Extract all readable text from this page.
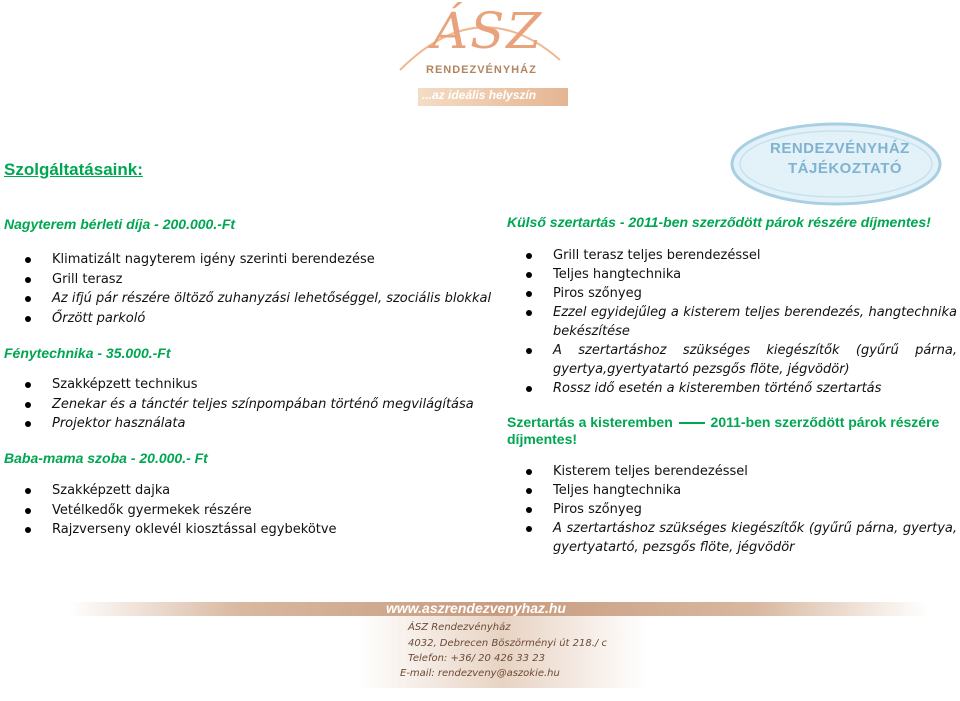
ÁSZ
RENDEZVÉNYHÁZ
...az ideális helyszín
RENDEZVÉNYHÁZ
TÁJÉKOZTATÓ
Szolgáltatásaink:
Nagyterem bérleti díja - 200.000.-Ft
Klimatizált nagyterem igény szerinti berendezése
Grill terasz
Az ifjú pár részére öltöző zuhanyzási lehetőséggel, szociális blokkal
Őrzött parkoló
Fénytechnika - 35.000.-Ft
Szakképzett technikus
Zenekar és a tánctér teljes színpompában történő megvilágítása
Projektor használata
Baba-mama szoba - 20.000.- Ft
Szakképzett dajka
Vetélkedők gyermekek részére
Rajzverseny oklevél kiosztással egybekötve
Külső szertartás - 2011-ben szerződött párok részére díjmentes!
Grill terasz teljes berendezéssel
Teljes hangtechnika
Piros szőnyeg
Ezzel egyidejűleg a kisterem teljes berendezés, hangtechnika
bekészítése
A szertartáshoz szükséges kiegészítők (gyűrű párna,
gyertya,gyertyatartó pezsgős flöte, jégvödör)
Rossz idő esetén a kisteremben történő szertartás
Szertartás a kisteremben	2011-ben szerződött párok részére
díjmentes!
Kisterem teljes berendezéssel
Teljes hangtechnika
Piros szőnyeg
A szertartáshoz szükséges kiegészítők (gyűrű párna, gyertya,
gyertyatartó, pezsgős flöte, jégvödör
www.aszrendezvenyhaz.hu
ÁSZ Rendezvényház
4032, Debrecen Böszörményi út 218./ c
Telefon: +36/ 20 426 33 23
E-mail: rendezveny@aszokie.hu
